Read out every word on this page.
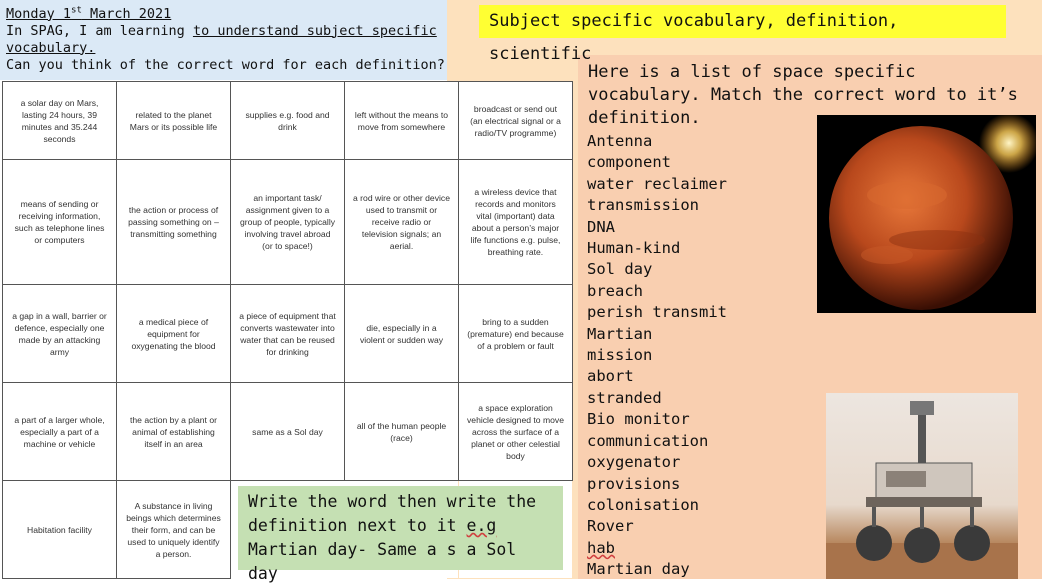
Monday 1st March 2021
In SPAG, I am learning to understand subject specific vocabulary.
Can you think of the correct word for each definition?
Subject specific vocabulary, definition, scientific
Here is a list of space specific vocabulary. Match the correct word to it’s definition.
Antenna
component
water reclaimer
transmission
DNA
Human-kind
Sol day
breach
perish transmit
Martian
mission
abort
stranded
Bio monitor
communication
oxygenator
provisions
colonisation
Rover
hab
Martian day
a solar day on Mars, lasting 24 hours, 39 minutes and 35.244 seconds	related to the planet Mars or its possible life	supplies e.g. food and drink	left without the means to move from somewhere	broadcast or send out (an electrical signal or a radio/TV programme)
means of sending or receiving information, such as telephone lines or computers	the action or process of passing something on – transmitting something	an important task/ assignment given to a group of people, typically involving travel abroad (or to space!)	a rod wire or other device used to transmit or receive radio or television signals; an aerial.	a wireless device that records and monitors vital (important) data about a person’s major life functions e.g. pulse, breathing rate.
a gap in a wall, barrier or defence, especially one made by an attacking army	a medical piece of equipment for oxygenating the blood	a piece of equipment that converts wastewater into water that can be reused for drinking	die, especially in a violent or sudden way	bring to a sudden (premature) end because of a problem or fault
a part of a larger whole, especially a part of a machine or vehicle	the action by a plant or animal of establishing itself in an area	same as a Sol day	all of the human people (race)	a space exploration vehicle designed to move across the surface of a planet or other celestial body
Habitation facility	A substance in living beings which determines their form, and can be used to uniquely identify a person.			
Write the word then write the
definition next to it e.g
Martian day- Same a s a Sol day
